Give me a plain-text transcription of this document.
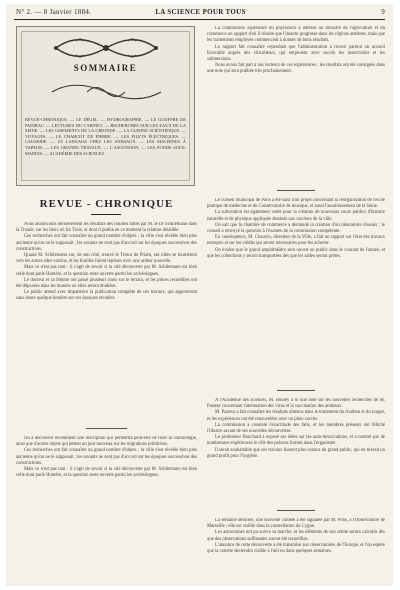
N° 2. — 8 Janvier 1884.	LA SCIENCE POUR TOUS	9
SOMMAIRE
REVUE-CHRONIQUE. — LE DÉGEL. — HYDROGRAPHIE. — LE GOUFFRE DE PADIRAC. — LECTURES DU CABINET. — RECHERCHES SUR LES EAUX DE LA SEINE. — LES GISEMENTS DE LA GIRONDE. — LA CUISINE SCIENTIFIQUE. — VOYAGES. — LE CHARCOT DE PIERRE. — LES FILETS ÉLECTRIQUES. — CAUSERIE. — LE LANGAGE CHEZ LES ANIMAUX. — LES MACHINES À VAPEUR. — LES GRANDS TRAVAUX. — L'ASCENSION. — LES FONDS SOUS-MARINS. — ACADÉMIE DES SCIENCES.
REVUE - CHRONIQUE

Nous annoncions dernièrement les résultats des fouilles faites par M. le Dr Schliemann dans la Troade, sur les lieux où fut Troie, et dont il publie en ce moment la relation détaillée.

Ces recherches ont fait connaître un grand nombre d'objets ; la ville s'est révélée bien plus ancienne qu'on ne le supposait ; les savants ne sont pas d'accord sur les époques successives des constructions.

Quand M. Schliemann eut, de son côté, trouvé le Trésor de Priam, ses idées se tournèrent vers les autres sites voisins, et les fouilles furent reprises avec une ardeur nouvelle.

Mais ce n'est pas tout : il s'agit de savoir si la cité découverte par M. Schliemann est bien celle dont parle Homère, et la question reste ouverte parmi les archéologues.

Le docteur et sa femme ont passé plusieurs mois sur le terrain, et les pièces recueillies ont été déposées dans les musées où elles seront étudiées.

Le public attend avec impatience la publication complète de ces travaux, qui apporteront sans doute quelque lumière sur ces époques reculées.

On a découvert récemment une inscription qui permettra peut-être de fixer la chronologie, ainsi que d'autres objets qui jettent un jour nouveau sur les migrations primitives.

Ces recherches ont fait connaître un grand nombre d'objets ; la ville s'est révélée bien plus ancienne qu'on ne le supposait ; les savants ne sont pas d'accord sur les époques successives des constructions.

Mais ce n'est pas tout : il s'agit de savoir si la cité découverte par M. Schliemann est bien celle dont parle Homère, et la question reste ouverte parmi les archéologues.

La commission supérieure du phylloxera a adressé au ministre de l'agriculture et du commerce un rapport d'où il résulte que l'insecte progresse dans les régions atteintes, mais que les traitements employés commencent à donner de bons résultats.

Le rapport fait connaître cependant que l'administration a trouvé partout un accueil favorable auprès des viticulteurs, qui emploient avec succès les insecticides et les submersions.

Nous avons fait part à nos lecteurs de ces expériences ; les résultats ont été consignés dans une note qui sera publiée très prochainement.

Le conseil municipal de Paris a été saisi d'un projet concernant la réorganisation de l'école pratique de médecine et du Conservatoire de musique, et aussi l'assainissement de la Seine.

La subvention est également votée pour la création de nouveaux cours publics d'histoire naturelle et de physique appliquée destinés aux ouvriers de la ville.

On sait que la chambre de commerce a demandé la création d'un laboratoire d'essais ; le conseil a renvoyé la question à l'examen de la commission compétente.

En conséquence, M. Chauvin, directeur de la Ville, a fait un rapport sur l'état des travaux entrepris et sur les crédits qui seront nécessaires pour les achever.

On évalue que le grand amphithéâtre sera ouvert au public dans le courant de l'année, et que les collections y seront transportées dès que les salles seront prêtes.

A l'Académie des sciences, M. Bouley a lu une note sur les nouvelles recherches de M. Pasteur concernant l'atténuation des virus et la vaccination des animaux.

M. Pasteur a fait connaître les résultats obtenus dans le traitement du charbon et du rouget, et les expériences ont été renouvelées avec un plein succès.

La commission a constaté l'exactitude des faits, et les membres présents ont félicité l'illustre savant de ses nouvelles découvertes.

Le professeur Bouchard a exposé ses idées sur les auto-intoxications, et a montré par de nombreuses expériences le rôle des poisons formés dans l'organisme.

Il serait souhaitable que ces travaux fussent plus connus du grand public, qui en tirerait un grand profit pour l'hygiène.

La semaine dernière, une nouvelle comète a été signalée par M. Pons, à l'Observatoire de Marseille ; elle est visible dans la constellation du Cygne.

Les astronomes ont pu suivre sa marche, et les éléments de son orbite seront calculés dès que des observations suffisantes auront été recueillies.

L'annonce de cette découverte a été transmise aux observatoires de l'Europe, et l'on espère que la comète deviendra visible à l'œil nu dans quelques semaines.
